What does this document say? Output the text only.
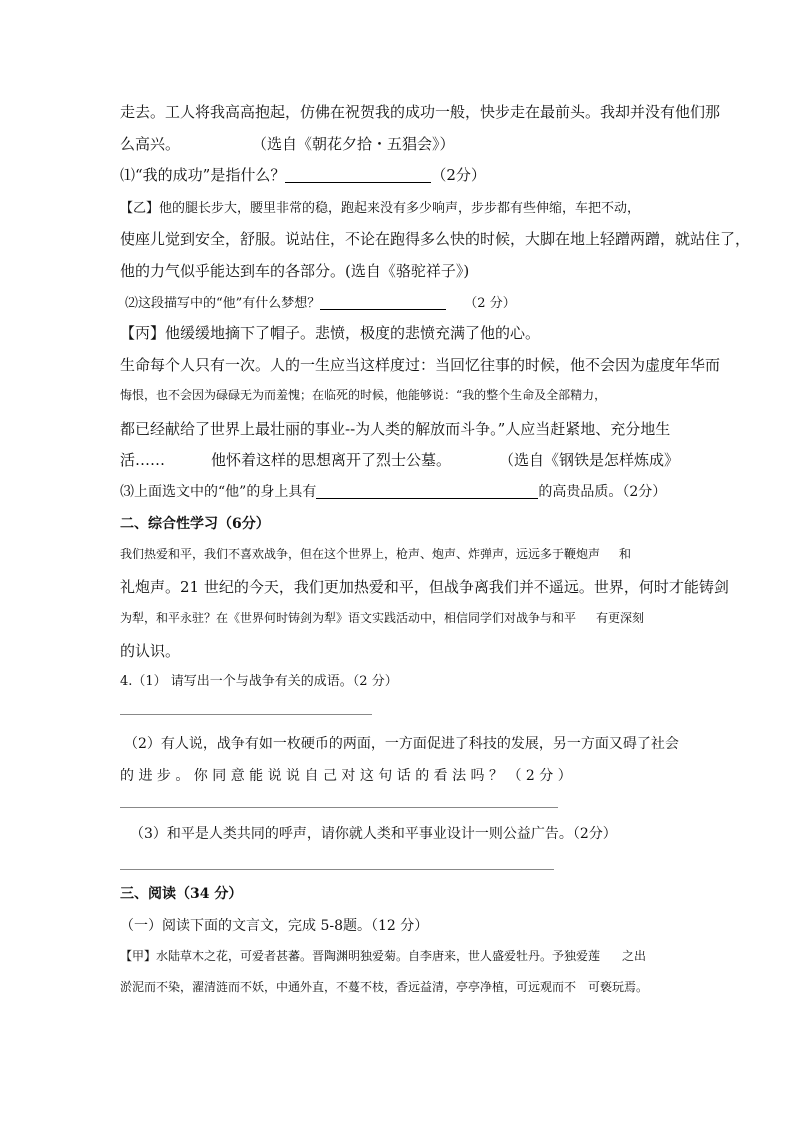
走去。工人将我高高抱起，仿佛在祝贺我的成功一般，快步走在最前头。我却并没有他们那
么高兴。	（选自《朝花夕拾・五猖会》）
⑴“我的成功”是指什么？	（2分）
【乙】他的腿长步大，腰里非常的稳，跑起来没有多少响声，步步都有些伸缩，车把不动，
使座儿觉到安全，舒服。说站住，不论在跑得多么快的时候，大脚在地上轻蹭两蹭，就站住了，
他的力气似乎能达到车的各部分。(选自《骆驼祥子》)
⑵这段描写中的“他”有什么梦想？	（2 分）
【丙】他缓缓地摘下了帽子。悲愤，极度的悲愤充满了他的心。
生命每个人只有一次。人的一生应当这样度过：当回忆往事的时候，他不会因为虚度年华而
悔恨，也不会因为碌碌无为而羞愧；在临死的时候，他能够说：“我的整个生命及全部精力，
都已经献给了世界上最壮丽的事业--为人类的解放而斗争。”人应当赶紧地、充分地生
活……	他怀着这样的思想离开了烈士公墓。	（选自《钢铁是怎样炼成》
⑶上面选文中的“他”的身上具有	的高贵品质。（2分）
二、综合性学习（6分）
我们热爱和平，我们不喜欢战争，但在这个世界上，枪声、炮声、炸弹声，远远多于鞭炮声 和
礼炮声。21 世纪的今天，我们更加热爱和平，但战争离我们并不遥远。世界，何时才能铸剑
为犁，和平永驻？在《世界何时铸剑为犁》语文实践活动中，相信同学们对战争与和平 有更深刻
的认识。
4.（1） 请写出一个与战争有关的成语。（2 分）
（2）有人说，战争有如一枚硬币的两面，一方面促进了科技的发展，另一方面又碍了社会
的 进 步 。 你 同 意 能 说 说 自 己 对 这 句 话 的 看 法 吗 ？ （ 2 分 ）
（3）和平是人类共同的呼声，请你就人类和平事业设计一则公益广告。（2分）
三、阅读（34 分）
（一）阅读下面的文言文，完成 5-8题。（12 分）
【甲】水陆草木之花，可爱者甚蕃。晋陶渊明独爱菊。自李唐来，世人盛爱牡丹。予独爱莲 之出
淤泥而不染，濯清涟而不妖，中通外直，不蔓不枝，香远益清，亭亭净植，可远观而不 可亵玩焉。
